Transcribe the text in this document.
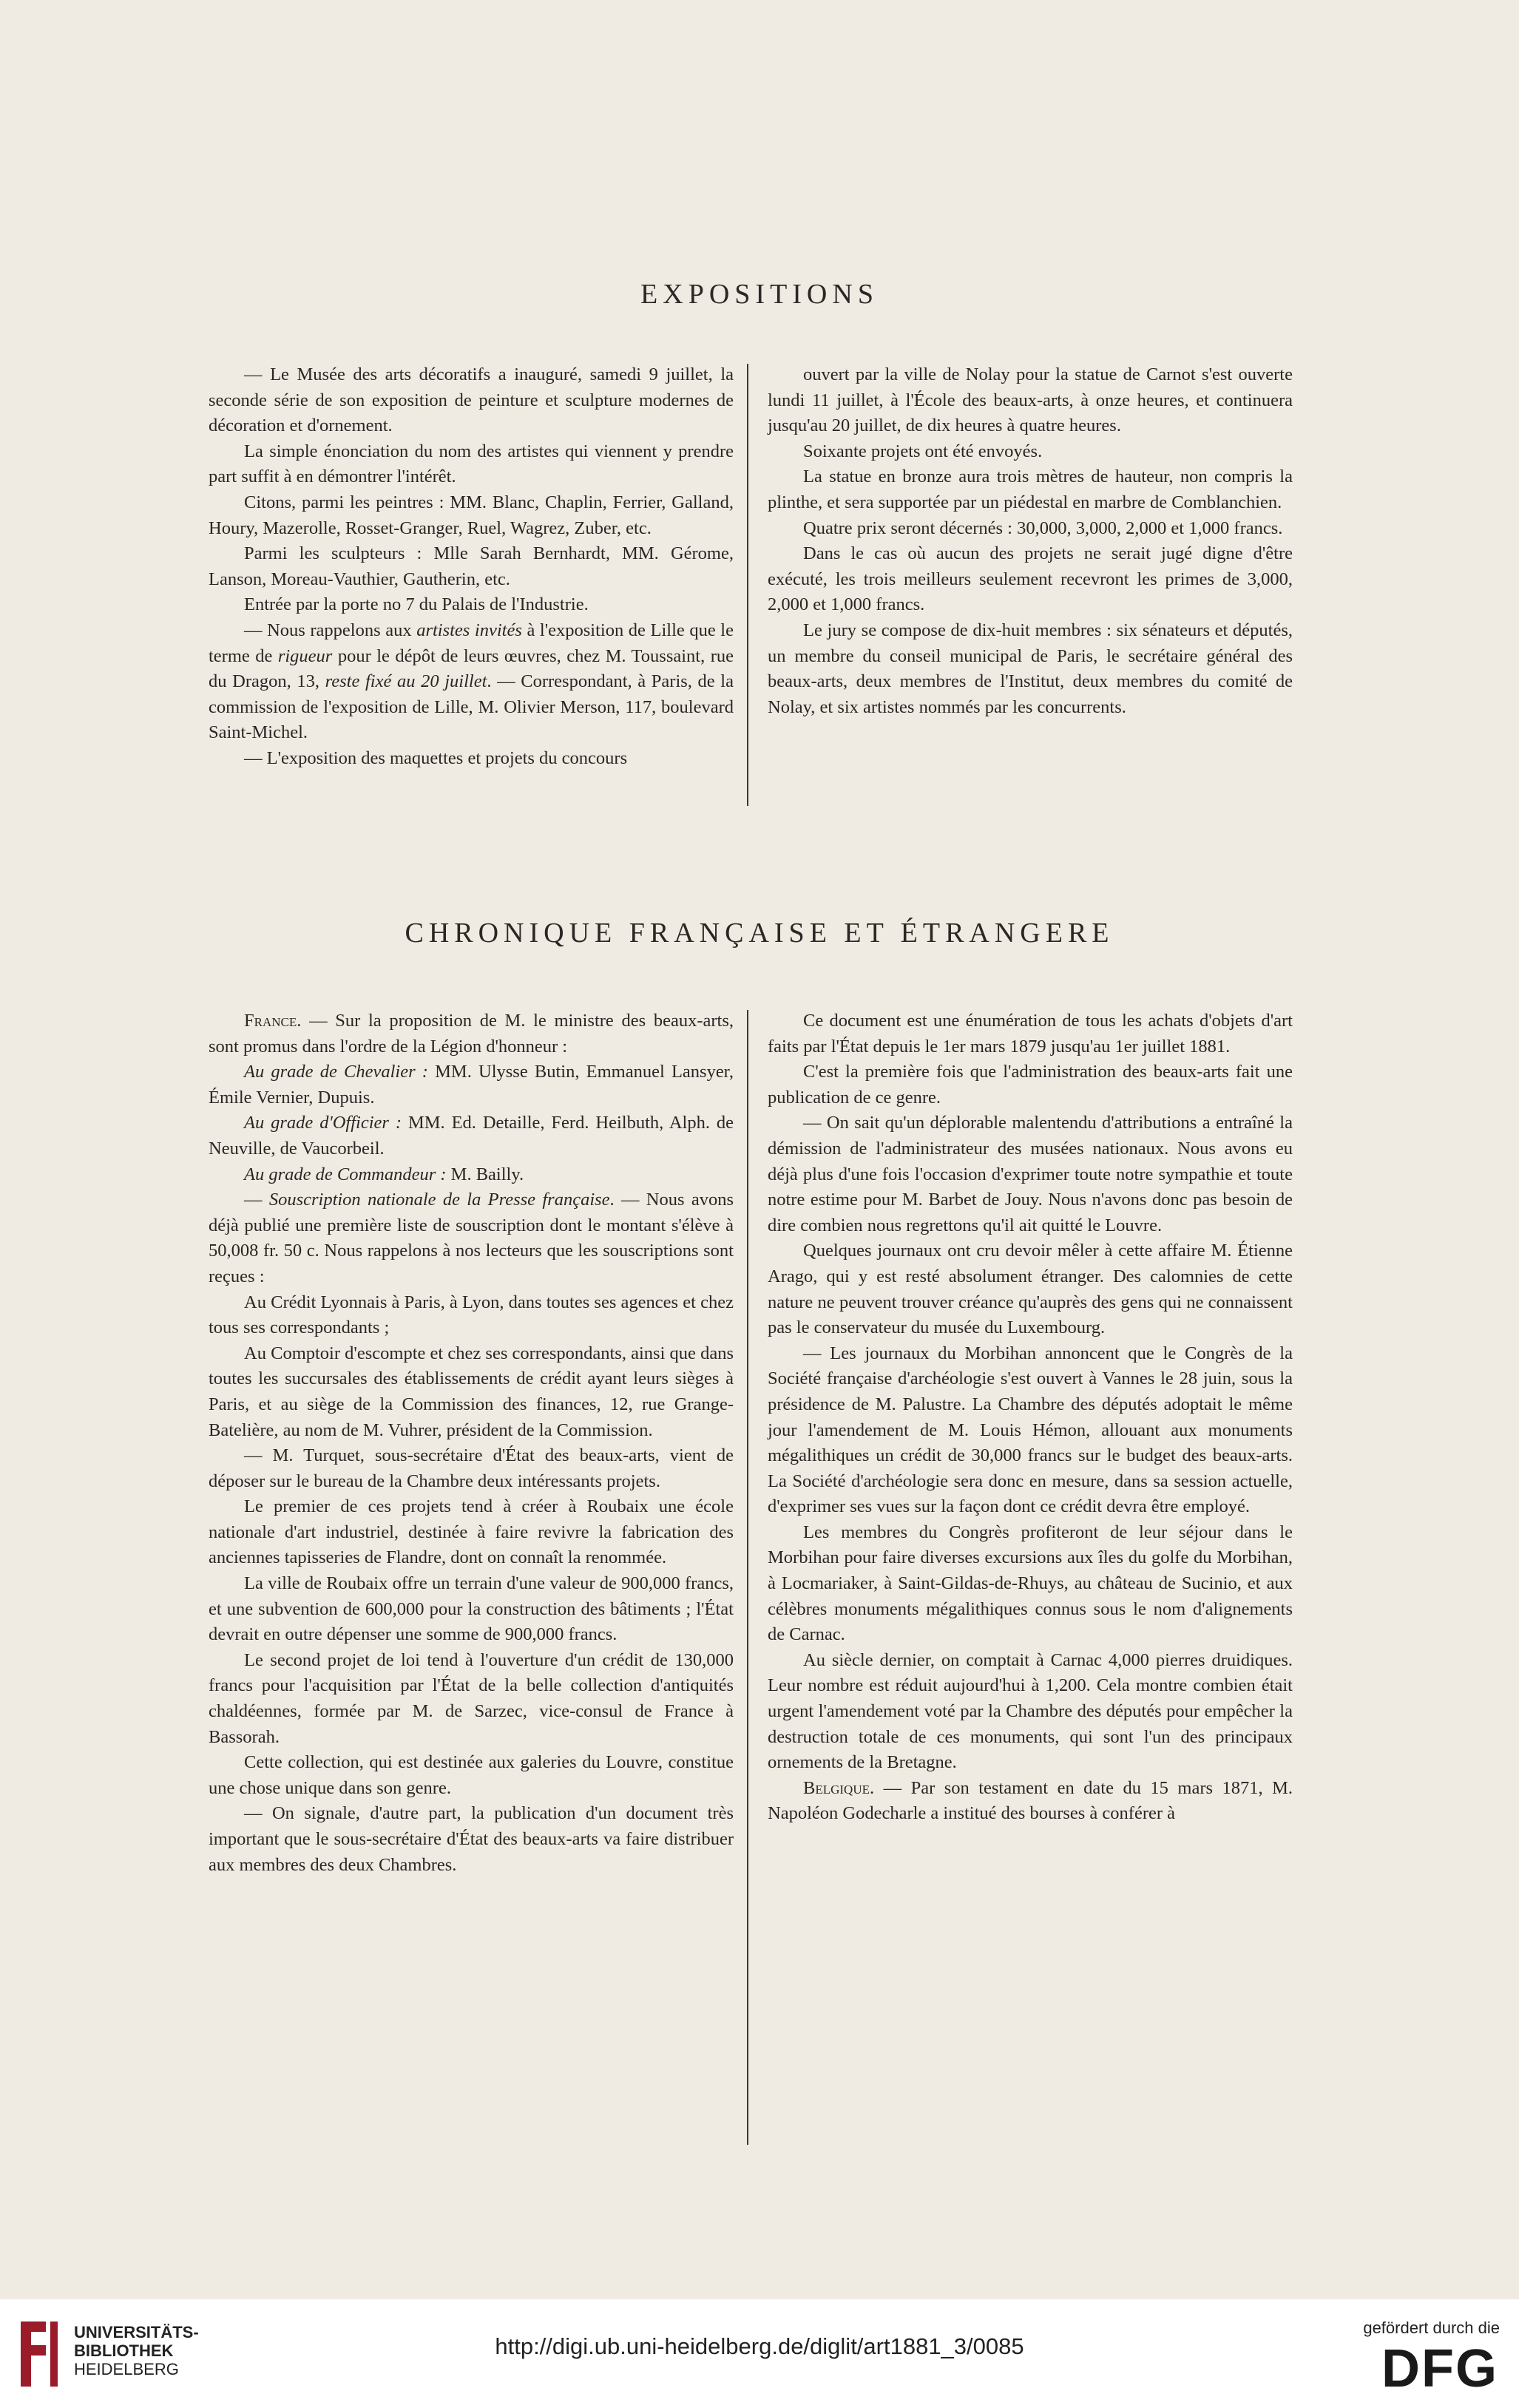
EXPOSITIONS

— Le Musée des arts décoratifs a inauguré, samedi 9 juillet, la seconde série de son exposition de peinture et sculpture modernes de décoration et d'ornement.

La simple énonciation du nom des artistes qui viennent y prendre part suffit à en démontrer l'intérêt.

Citons, parmi les peintres : MM. Blanc, Chaplin, Ferrier, Galland, Houry, Mazerolle, Rosset-Granger, Ruel, Wagrez, Zuber, etc.

Parmi les sculpteurs : Mlle Sarah Bernhardt, MM. Gérome, Lanson, Moreau-Vauthier, Gautherin, etc.

Entrée par la porte no 7 du Palais de l'Industrie.

— Nous rappelons aux artistes invités à l'exposition de Lille que le terme de rigueur pour le dépôt de leurs œuvres, chez M. Toussaint, rue du Dragon, 13, reste fixé au 20 juillet. — Correspondant, à Paris, de la commission de l'exposition de Lille, M. Olivier Merson, 117, boulevard Saint-Michel.

— L'exposition des maquettes et projets du concours

ouvert par la ville de Nolay pour la statue de Carnot s'est ouverte lundi 11 juillet, à l'École des beaux-arts, à onze heures, et continuera jusqu'au 20 juillet, de dix heures à quatre heures.

Soixante projets ont été envoyés.

La statue en bronze aura trois mètres de hauteur, non compris la plinthe, et sera supportée par un piédestal en marbre de Comblanchien.

Quatre prix seront décernés : 30,000, 3,000, 2,000 et 1,000 francs.

Dans le cas où aucun des projets ne serait jugé digne d'être exécuté, les trois meilleurs seulement recevront les primes de 3,000, 2,000 et 1,000 francs.

Le jury se compose de dix-huit membres : six sénateurs et députés, un membre du conseil municipal de Paris, le secrétaire général des beaux-arts, deux membres de l'Institut, deux membres du comité de Nolay, et six artistes nommés par les concurrents.

CHRONIQUE FRANÇAISE ET ÉTRANGERE

France. — Sur la proposition de M. le ministre des beaux-arts, sont promus dans l'ordre de la Légion d'honneur :

Au grade de Chevalier : MM. Ulysse Butin, Emmanuel Lansyer, Émile Vernier, Dupuis.

Au grade d'Officier : MM. Ed. Detaille, Ferd. Heilbuth, Alph. de Neuville, de Vaucorbeil.

Au grade de Commandeur : M. Bailly.

— Souscription nationale de la Presse française. — Nous avons déjà publié une première liste de souscription dont le montant s'élève à 50,008 fr. 50 c. Nous rappelons à nos lecteurs que les souscriptions sont reçues :

Au Crédit Lyonnais à Paris, à Lyon, dans toutes ses agences et chez tous ses correspondants ;

Au Comptoir d'escompte et chez ses correspondants, ainsi que dans toutes les succursales des établissements de crédit ayant leurs sièges à Paris, et au siège de la Commission des finances, 12, rue Grange-Batelière, au nom de M. Vuhrer, président de la Commission.

— M. Turquet, sous-secrétaire d'État des beaux-arts, vient de déposer sur le bureau de la Chambre deux intéressants projets.

Le premier de ces projets tend à créer à Roubaix une école nationale d'art industriel, destinée à faire revivre la fabrication des anciennes tapisseries de Flandre, dont on connaît la renommée.

La ville de Roubaix offre un terrain d'une valeur de 900,000 francs, et une subvention de 600,000 pour la construction des bâtiments ; l'État devrait en outre dépenser une somme de 900,000 francs.

Le second projet de loi tend à l'ouverture d'un crédit de 130,000 francs pour l'acquisition par l'État de la belle collection d'antiquités chaldéennes, formée par M. de Sarzec, vice-consul de France à Bassorah.

Cette collection, qui est destinée aux galeries du Louvre, constitue une chose unique dans son genre.

— On signale, d'autre part, la publication d'un document très important que le sous-secrétaire d'État des beaux-arts va faire distribuer aux membres des deux Chambres.

Ce document est une énumération de tous les achats d'objets d'art faits par l'État depuis le 1er mars 1879 jusqu'au 1er juillet 1881.

C'est la première fois que l'administration des beaux-arts fait une publication de ce genre.

— On sait qu'un déplorable malentendu d'attributions a entraîné la démission de l'administrateur des musées nationaux. Nous avons eu déjà plus d'une fois l'occasion d'exprimer toute notre sympathie et toute notre estime pour M. Barbet de Jouy. Nous n'avons donc pas besoin de dire combien nous regrettons qu'il ait quitté le Louvre.

Quelques journaux ont cru devoir mêler à cette affaire M. Étienne Arago, qui y est resté absolument étranger. Des calomnies de cette nature ne peuvent trouver créance qu'auprès des gens qui ne connaissent pas le conservateur du musée du Luxembourg.

— Les journaux du Morbihan annoncent que le Congrès de la Société française d'archéologie s'est ouvert à Vannes le 28 juin, sous la présidence de M. Palustre. La Chambre des députés adoptait le même jour l'amendement de M. Louis Hémon, allouant aux monuments mégalithiques un crédit de 30,000 francs sur le budget des beaux-arts. La Société d'archéologie sera donc en mesure, dans sa session actuelle, d'exprimer ses vues sur la façon dont ce crédit devra être employé.

Les membres du Congrès profiteront de leur séjour dans le Morbihan pour faire diverses excursions aux îles du golfe du Morbihan, à Locmariaker, à Saint-Gildas-de-Rhuys, au château de Sucinio, et aux célèbres monuments mégalithiques connus sous le nom d'alignements de Carnac.

Au siècle dernier, on comptait à Carnac 4,000 pierres druidiques. Leur nombre est réduit aujourd'hui à 1,200. Cela montre combien était urgent l'amendement voté par la Chambre des députés pour empêcher la destruction totale de ces monuments, qui sont l'un des principaux ornements de la Bretagne.

Belgique. — Par son testament en date du 15 mars 1871, M. Napoléon Godecharle a institué des bourses à conférer à

UNIVERSITÄTS-
BIBLIOTHEK
HEIDELBERG
http://digi.ub.uni-heidelberg.de/diglit/art1881_3/0085
gefördert durch die
DFG
